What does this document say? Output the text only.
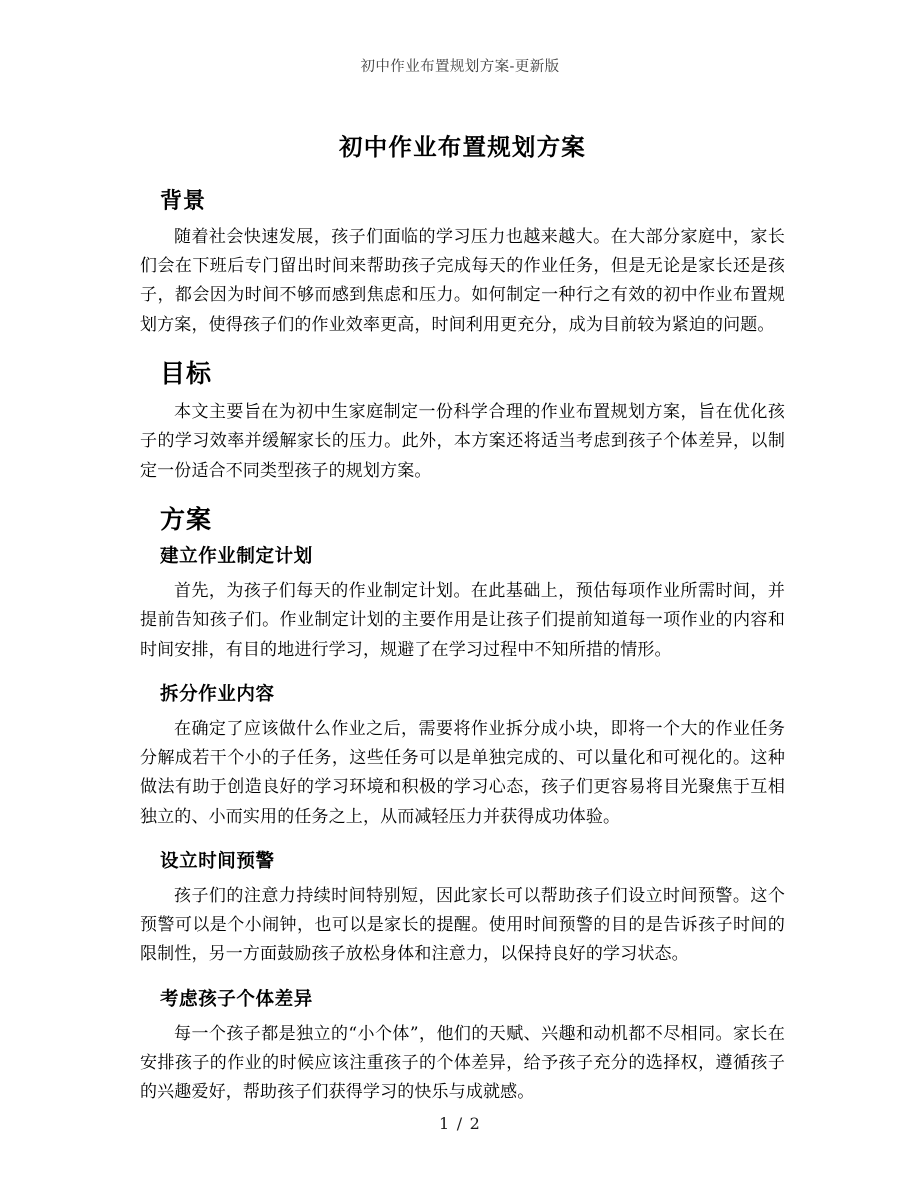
初中作业布置规划方案-更新版
初中作业布置规划方案
背景

随着社会快速发展，孩子们面临的学习压力也越来越大。在大部分家庭中，家长们会在下班后专门留出时间来帮助孩子完成每天的作业任务，但是无论是家长还是孩子，都会因为时间不够而感到焦虑和压力。如何制定一种行之有效的初中作业布置规划方案，使得孩子们的作业效率更高，时间利用更充分，成为目前较为紧迫的问题。

目标

本文主要旨在为初中生家庭制定一份科学合理的作业布置规划方案，旨在优化孩子的学习效率并缓解家长的压力。此外，本方案还将适当考虑到孩子个体差异，以制定一份适合不同类型孩子的规划方案。

方案
建立作业制定计划

首先，为孩子们每天的作业制定计划。在此基础上，预估每项作业所需时间，并提前告知孩子们。作业制定计划的主要作用是让孩子们提前知道每一项作业的内容和时间安排，有目的地进行学习，规避了在学习过程中不知所措的情形。

拆分作业内容

在确定了应该做什么作业之后，需要将作业拆分成小块，即将一个大的作业任务分解成若干个小的子任务，这些任务可以是单独完成的、可以量化和可视化的。这种做法有助于创造良好的学习环境和积极的学习心态，孩子们更容易将目光聚焦于互相独立的、小而实用的任务之上，从而减轻压力并获得成功体验。

设立时间预警

孩子们的注意力持续时间特别短，因此家长可以帮助孩子们设立时间预警。这个预警可以是个小闹钟，也可以是家长的提醒。使用时间预警的目的是告诉孩子时间的限制性，另一方面鼓励孩子放松身体和注意力，以保持良好的学习状态。

考虑孩子个体差异

每一个孩子都是独立的“小个体”，他们的天赋、兴趣和动机都不尽相同。家长在安排孩子的作业的时候应该注重孩子的个体差异，给予孩子充分的选择权，遵循孩子的兴趣爱好，帮助孩子们获得学习的快乐与成就感。

1 / 2
